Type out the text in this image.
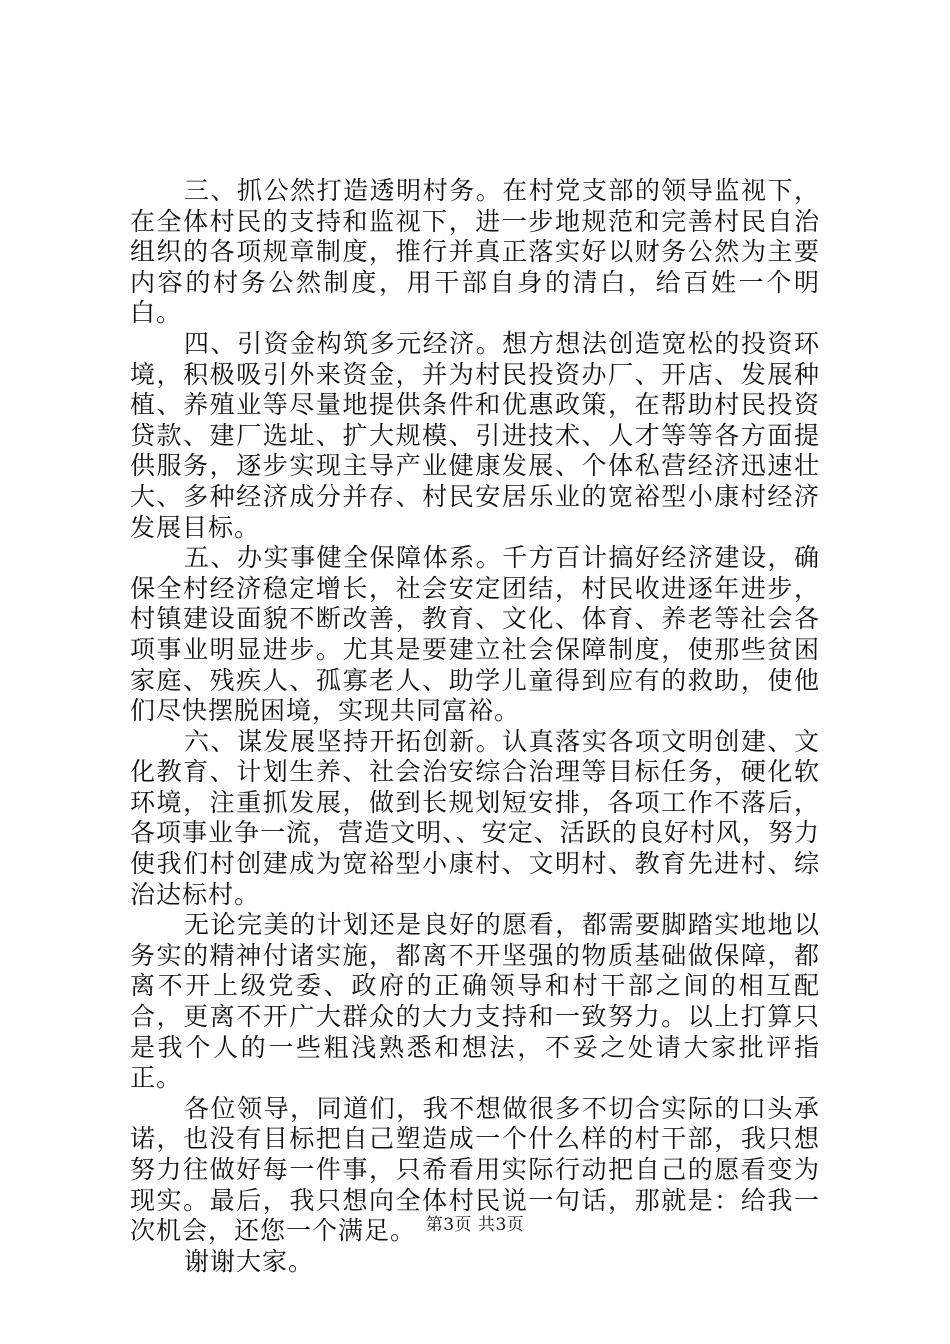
三、抓公然打造透明村务。在村党支部的领导监视下，在全体村民的支持和监视下，进一步地规范和完善村民自治组织的各项规章制度，推行并真正落实好以财务公然为主要内容的村务公然制度，用干部自身的清白，给百姓一个明白。

四、引资金构筑多元经济。想方想法创造宽松的投资环境，积极吸引外来资金，并为村民投资办厂、开店、发展种植、养殖业等尽量地提供条件和优惠政策，在帮助村民投资贷款、建厂选址、扩大规模、引进技术、人才等等各方面提供服务，逐步实现主导产业健康发展、个体私营经济迅速壮大、多种经济成分并存、村民安居乐业的宽裕型小康村经济发展目标。

五、办实事健全保障体系。千方百计搞好经济建设，确保全村经济稳定增长，社会安定团结，村民收进逐年进步，村镇建设面貌不断改善，教育、文化、体育、养老等社会各项事业明显进步。尤其是要建立社会保障制度，使那些贫困家庭、残疾人、孤寡老人、助学儿童得到应有的救助，使他们尽快摆脱困境，实现共同富裕。

六、谋发展坚持开拓创新。认真落实各项文明创建、文化教育、计划生养、社会治安综合治理等目标任务，硬化软环境，注重抓发展，做到长规划短安排，各项工作不落后，各项事业争一流，营造文明、、安定、活跃的良好村风，努力使我们村创建成为宽裕型小康村、文明村、教育先进村、综治达标村。

无论完美的计划还是良好的愿看，都需要脚踏实地地以务实的精神付诸实施，都离不开坚强的物质基础做保障，都离不开上级党委、政府的正确领导和村干部之间的相互配合，更离不开广大群众的大力支持和一致努力。以上打算只是我个人的一些粗浅熟悉和想法，不妥之处请大家批评指正。

各位领导，同道们，我不想做很多不切合实际的口头承诺，也没有目标把自己塑造成一个什么样的村干部，我只想努力往做好每一件事，只希看用实际行动把自己的愿看变为现实。最后，我只想向全体村民说一句话，那就是：给我一次机会，还您一个满足。

谢谢大家。

第3页 共3页
